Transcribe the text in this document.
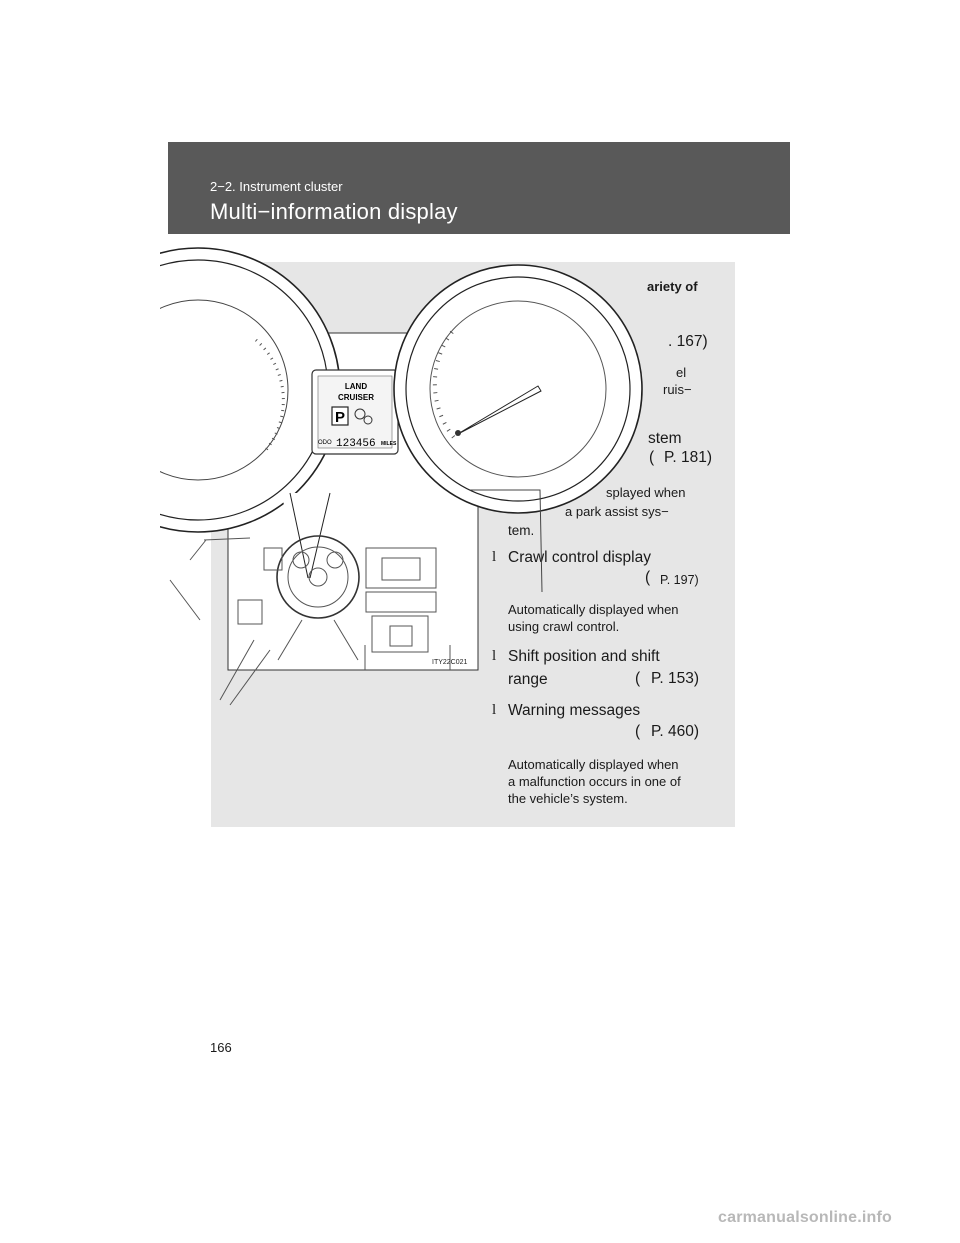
2−2. Instrument cluster
Multi−information display
ariety of
. 167)
el
ruis−
stem
( P. 181)
splayed when
a park assist sys−
tem.
l Crawl control display
( P. 197)
Automatically displayed when
using crawl control.
l Shift position and shift
range	( P. 153)
l Warning messages
( P. 460)
Automatically displayed when
a malfunction occurs in one of
the vehicle’s system.
LAND
CRUISER
P
ODO 123456 MILES
ITY22C021
166
carmanualsonline.info
